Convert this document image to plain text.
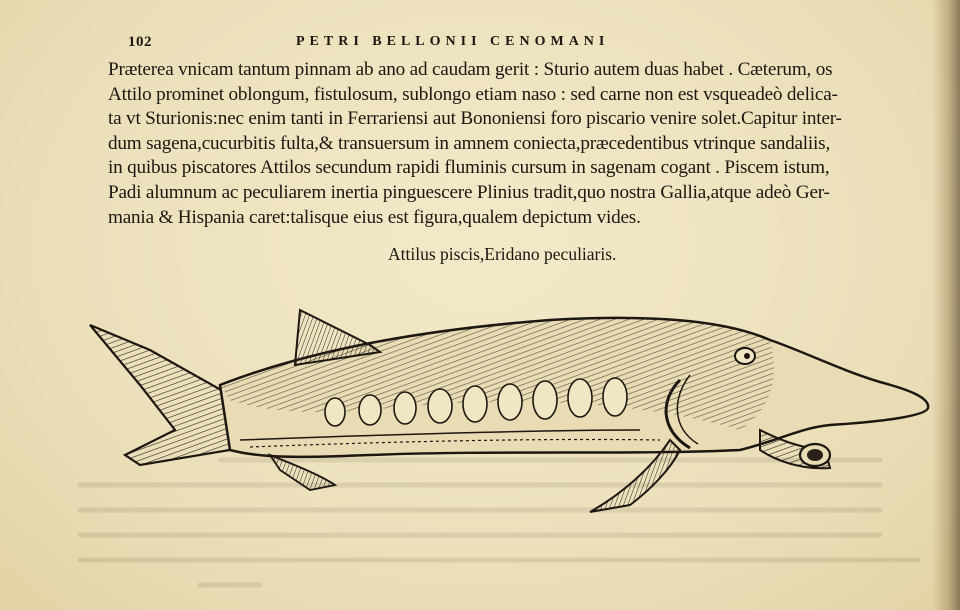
102	PETRI BELLONII CENOMANI
Præterea vnicam tantum pinnam ab ano ad caudam gerit : Sturio autem duas habet . Cæterum, os
Attilo prominet oblongum, fistulosum, sublongo etiam naso : sed carne non est vsqueadeò delica-
ta vt Sturionis:nec enim tanti in Ferrariensi aut Bononiensi foro piscario venire solet.Capitur inter-
dum sagena,cucurbitis fulta,& transuersum in amnem coniecta,præcedentibus vtrinque sandaliis,
in quibus piscatores Attilos secundum rapidi fluminis cursum in sagenam cogant . Piscem istum,
Padi alumnum ac peculiarem inertia pinguescere Plinius tradit,quo nostra Gallia,atque adeò Ger-
mania & Hispania caret:talisque eius est figura,qualem depictum vides.
Attilus piscis,Eridano peculiaris.
